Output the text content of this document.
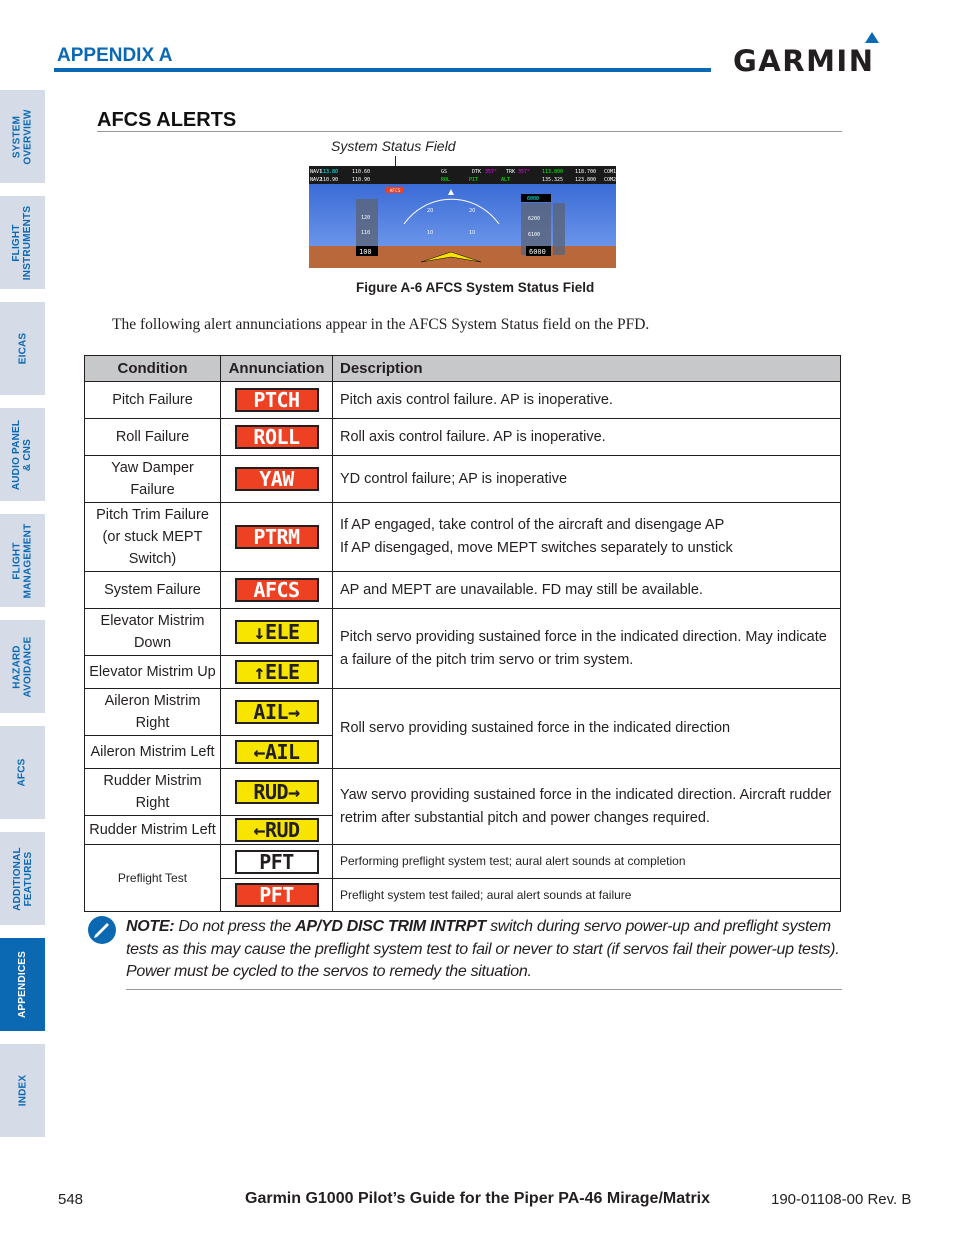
SYSTEM
OVERVIEW
FLIGHT
INSTRUMENTS
EICAS
AUDIO PANEL
& CNS
FLIGHT
MANAGEMENT
HAZARD
AVOIDANCE
AFCS
ADDITIONAL
FEATURES
APPENDICES
INDEX
APPENDIX A	GARMIN
AFCS ALERTS
System Status Field
NAV1
113.80	110.60
NAV2
110.90	110.90
GS	DTK 357° TRK 357°
ROL	PIT	ALT
113.000 118.700 COM1
135.325 123.800 COM2
AFCS
20	20
10	10
100
120
110
6000
6200
6100
6000
Figure A-6 AFCS System Status Field
The following alert annunciations appear in the AFCS System Status field on the PFD.
Condition	Annunciation	Description
Pitch Failure	PTCH	Pitch axis control failure. AP is inoperative.
Roll Failure	ROLL	Roll axis control failure. AP is inoperative.
Yaw Damper Failure	YAW	YD control failure; AP is inoperative
Pitch Trim Failure
(or stuck MEPT
Switch)	PTRM	If AP engaged, take control of the aircraft and disengage AP
If AP disengaged, move MEPT switches separately to unstick
System Failure	AFCS	AP and MEPT are unavailable. FD may still be available.
Elevator Mistrim
Down	↓ELE	Pitch servo providing sustained force in the indicated direction. May indicate a failure of the pitch trim servo or trim system.
Elevator Mistrim Up	↑ELE	
Aileron Mistrim
Right	AIL→	Roll servo providing sustained force in the indicated direction
Aileron Mistrim Left	←AIL	
Rudder Mistrim
Right	RUD→	Yaw servo providing sustained force in the indicated direction. Aircraft rudder retrim after substantial pitch and power changes required.
Rudder Mistrim Left	←RUD	
Preflight Test	PFT	Performing preflight system test; aural alert sounds at completion
	PFT	Preflight system test failed; aural alert sounds at failure
NOTE: Do not press the AP/YD DISC TRIM INTRPT switch during servo power-up and preflight system tests as this may cause the preflight system test to fail or never to start (if servos fail their power-up tests). Power must be cycled to the servos to remedy the situation.
548	Garmin G1000 Pilot’s Guide for the Piper PA-46 Mirage/Matrix	190-01108-00 Rev. B
